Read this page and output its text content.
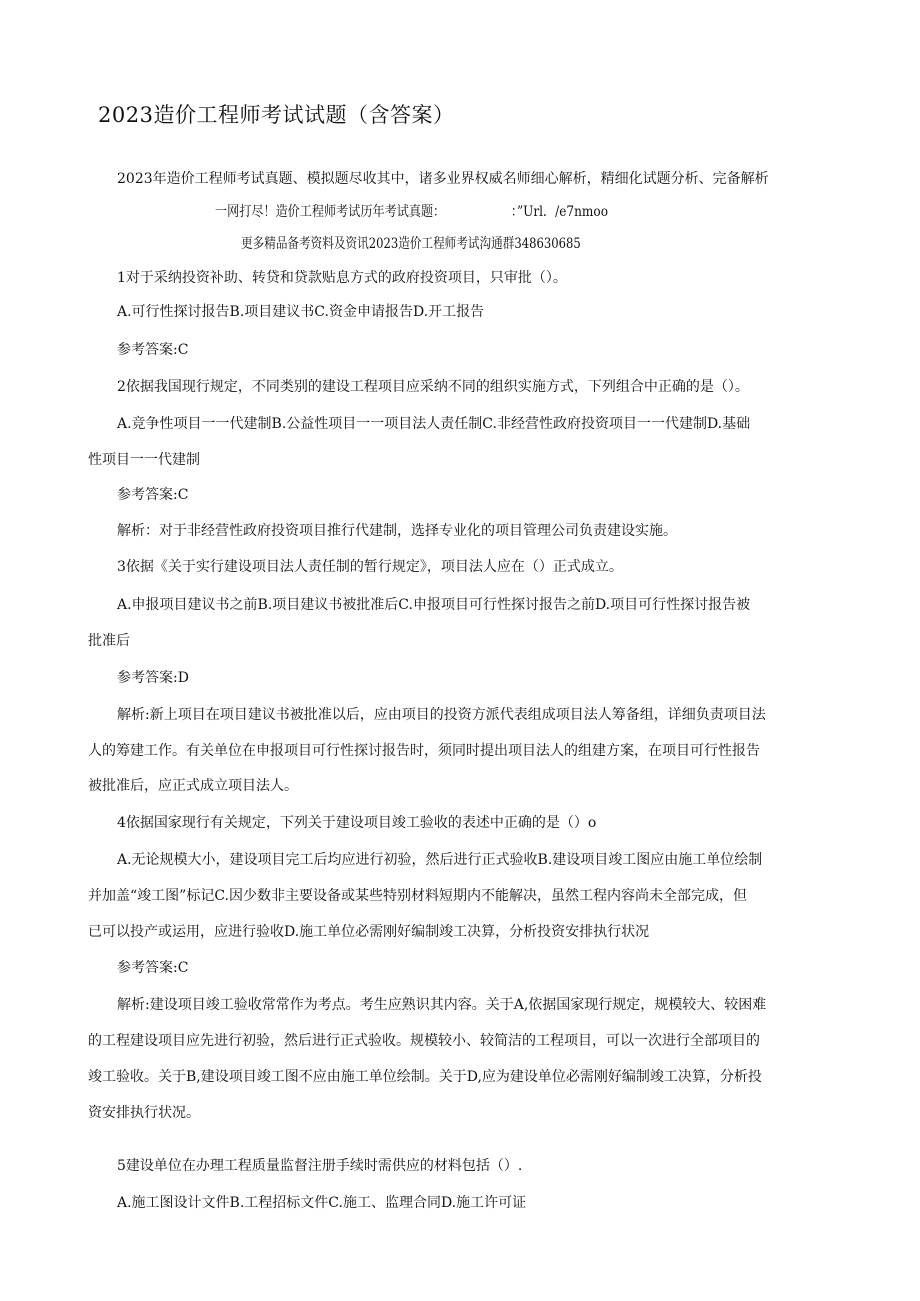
2023造价工程师考试试题（含答案）
2023年造价工程师考试真题、模拟题尽收其中，诸多业界权威名师细心解析，精细化试题分析、完备解析
一网打尽！造价工程师考试历年考试真题：	：”Url．/e7nmoo
更多精品备考资料及资讯2023造价工程师考试沟通群348630685
1对于采纳投资补助、转贷和贷款贴息方式的政府投资项目，只审批（）。
A.可行性探讨报告B.项目建议书C.资金申请报告D.开工报告
参考答案:C
2依据我国现行规定，不同类别的建设工程项目应采纳不同的组织实施方式，下列组合中正确的是（）。
A.竞争性项目一一代建制B.公益性项目一一项目法人责任制C.非经营性政府投资项目一一代建制D.基础
性项目一一代建制
参考答案:C
解析：对于非经营性政府投资项目推行代建制，选择专业化的项目管理公司负责建设实施。
3依据《关于实行建设项目法人责任制的暂行规定》，项目法人应在（）正式成立。
A.申报项目建议书之前B.项目建议书被批准后C.申报项目可行性探讨报告之前D.项目可行性探讨报告被
批准后
参考答案:D
解析:新上项目在项目建议书被批准以后，应由项目的投资方派代表组成项目法人筹备组，详细负责项目法
人的筹建工作。有关单位在申报项目可行性探讨报告时，须同时提出项目法人的组建方案，在项目可行性报告
被批准后，应正式成立项目法人。
4依据国家现行有关规定，下列关于建设项目竣工验收的表述中正确的是（）o
A.无论规模大小，建设项目完工后均应进行初验，然后进行正式验收B.建设项目竣工图应由施工单位绘制
并加盖“竣工图”标记C.因少数非主要设备或某些特别材料短期内不能解决，虽然工程内容尚未全部完成，但
已可以投产或运用，应进行验收D.施工单位必需刚好编制竣工决算，分析投资安排执行状况
参考答案:C
解析:建设项目竣工验收常常作为考点。考生应熟识其内容。关于A,依据国家现行规定，规模较大、较困难
的工程建设项目应先进行初验，然后进行正式验收。规模较小、较简洁的工程项目，可以一次进行全部项目的
竣工验收。关于B,建设项目竣工图不应由施工单位绘制。关于D,应为建设单位必需刚好编制竣工决算，分析投
资安排执行状况。
5建设单位在办理工程质量监督注册手续时需供应的材料包括（）.
A.施工图设计文件B.工程招标文件C.施工、监理合同D.施工许可证
